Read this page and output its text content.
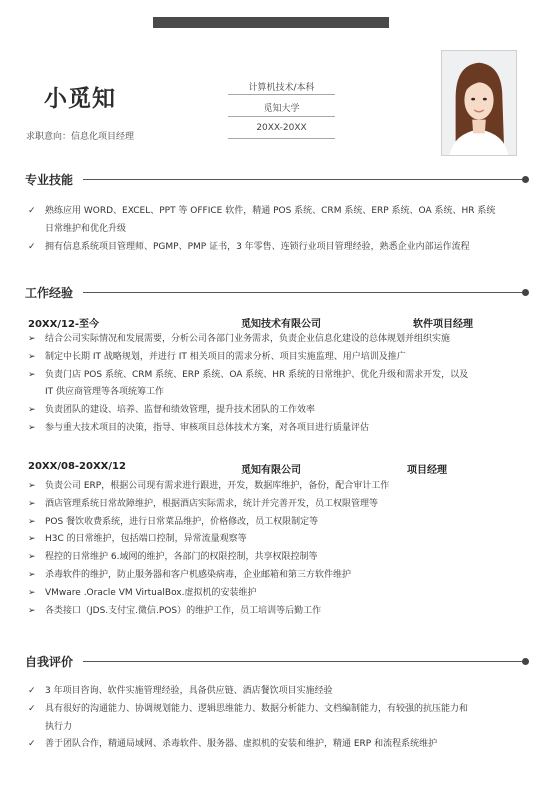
小觅知
求职意向：信息化项目经理
计算机技术/本科
觅知大学
20XX-20XX
专业技能
✓ 熟练应用 WORD、EXCEL、PPT 等 OFFICE 软件，精通 POS 系统、CRM 系统、ERP 系统、OA 系统、HR 系统
日常维护和优化升级
✓ 拥有信息系统项目管理师、PGMP、PMP 证书，3 年零售、连锁行业项目管理经验，熟悉企业内部运作流程
工作经验
20XX/12-至今	觅知技术有限公司	软件项目经理
➢ 结合公司实际情况和发展需要，分析公司各部门业务需求，负责企业信息化建设的总体规划并组织实施
➢ 制定中长期 IT 战略规划，并进行 IT 相关项目的需求分析、项目实施监理、用户培训及推广
➢ 负责门店 POS 系统、CRM 系统、ERP 系统、OA 系统、HR 系统的日常维护、优化升级和需求开发，以及
IT 供应商管理等各项统筹工作
➢ 负责团队的建设、培养、监督和绩效管理，提升技术团队的工作效率
➢ 参与重大技术项目的决策，指导、审核项目总体技术方案，对各项目进行质量评估
20XX/08-20XX/12	觅知有限公司	项目经理
➢ 负责公司 ERP，根据公司现有需求进行跟进，开发，数据库维护，备份，配合审计工作
➢ 酒店管理系统日常故障维护，根据酒店实际需求，统计并完善开发，员工权限管理等
➢ POS 餐饮收费系统，进行日常菜品维护，价格修改，员工权限制定等
➢ H3C 的日常维护，包括端口控制，异常流量观察等
➢ 程控的日常维护 6.域网的维护，各部门的权限控制，共享权限控制等
➢ 杀毒软件的维护，防止服务器和客户机感染病毒，企业邮箱和第三方软件维护
➢ VMware .Oracle VM VirtualBox.虚拟机的安装维护
➢ 各类接口（JDS.支付宝.微信.POS）的维护工作，员工培训等后勤工作
自我评价
✓ 3 年项目咨询、软件实施管理经验，具备供应链、酒店餐饮项目实施经验
✓ 具有很好的沟通能力、协调规划能力、逻辑思维能力、数据分析能力、文档编制能力，有较强的抗压能力和
执行力
✓ 善于团队合作，精通局域网、杀毒软件、服务器、虚拟机的安装和维护，精通 ERP 和流程系统维护
